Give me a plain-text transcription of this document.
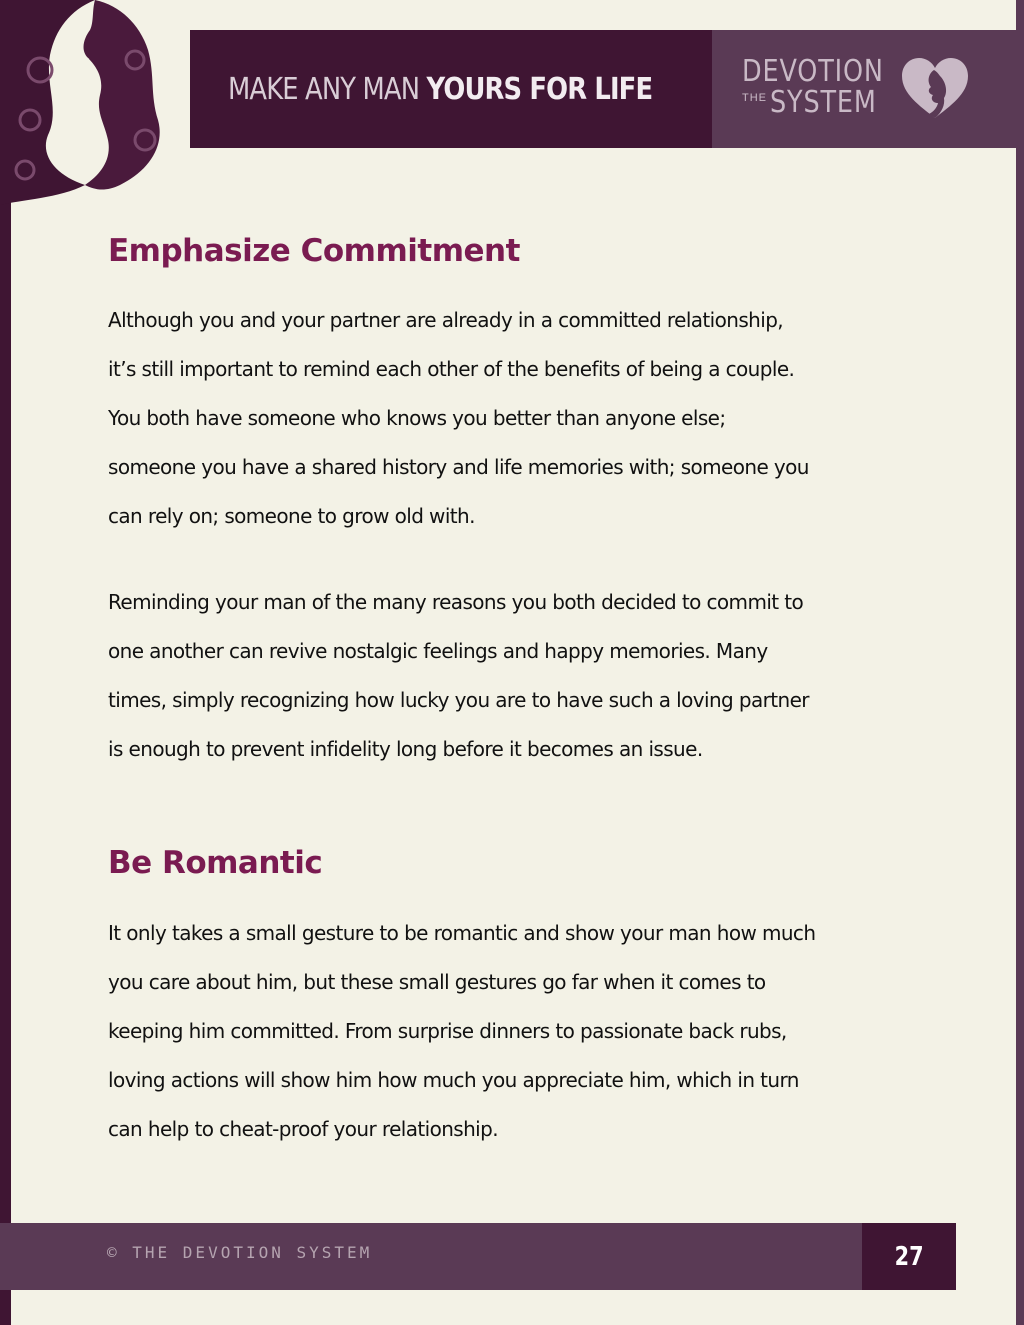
MAKE ANY MAN YOURS FOR LIFE	DEVOTION
THE SYSTEM
Emphasize Commitment

Although you and your partner are already in a committed relationship,
it’s still important to remind each other of the benefits of being a couple.
You both have someone who knows you better than anyone else;
someone you have a shared history and life memories with; someone you
can rely on; someone to grow old with.

Reminding your man of the many reasons you both decided to commit to
one another can revive nostalgic feelings and happy memories. Many
times, simply recognizing how lucky you are to have such a loving partner
is enough to prevent infidelity long before it becomes an issue.

Be Romantic

It only takes a small gesture to be romantic and show your man how much
you care about him, but these small gestures go far when it comes to
keeping him committed. From surprise dinners to passionate back rubs,
loving actions will show him how much you appreciate him, which in turn
can help to cheat-proof your relationship.

© THE DEVOTION SYSTEM	27
